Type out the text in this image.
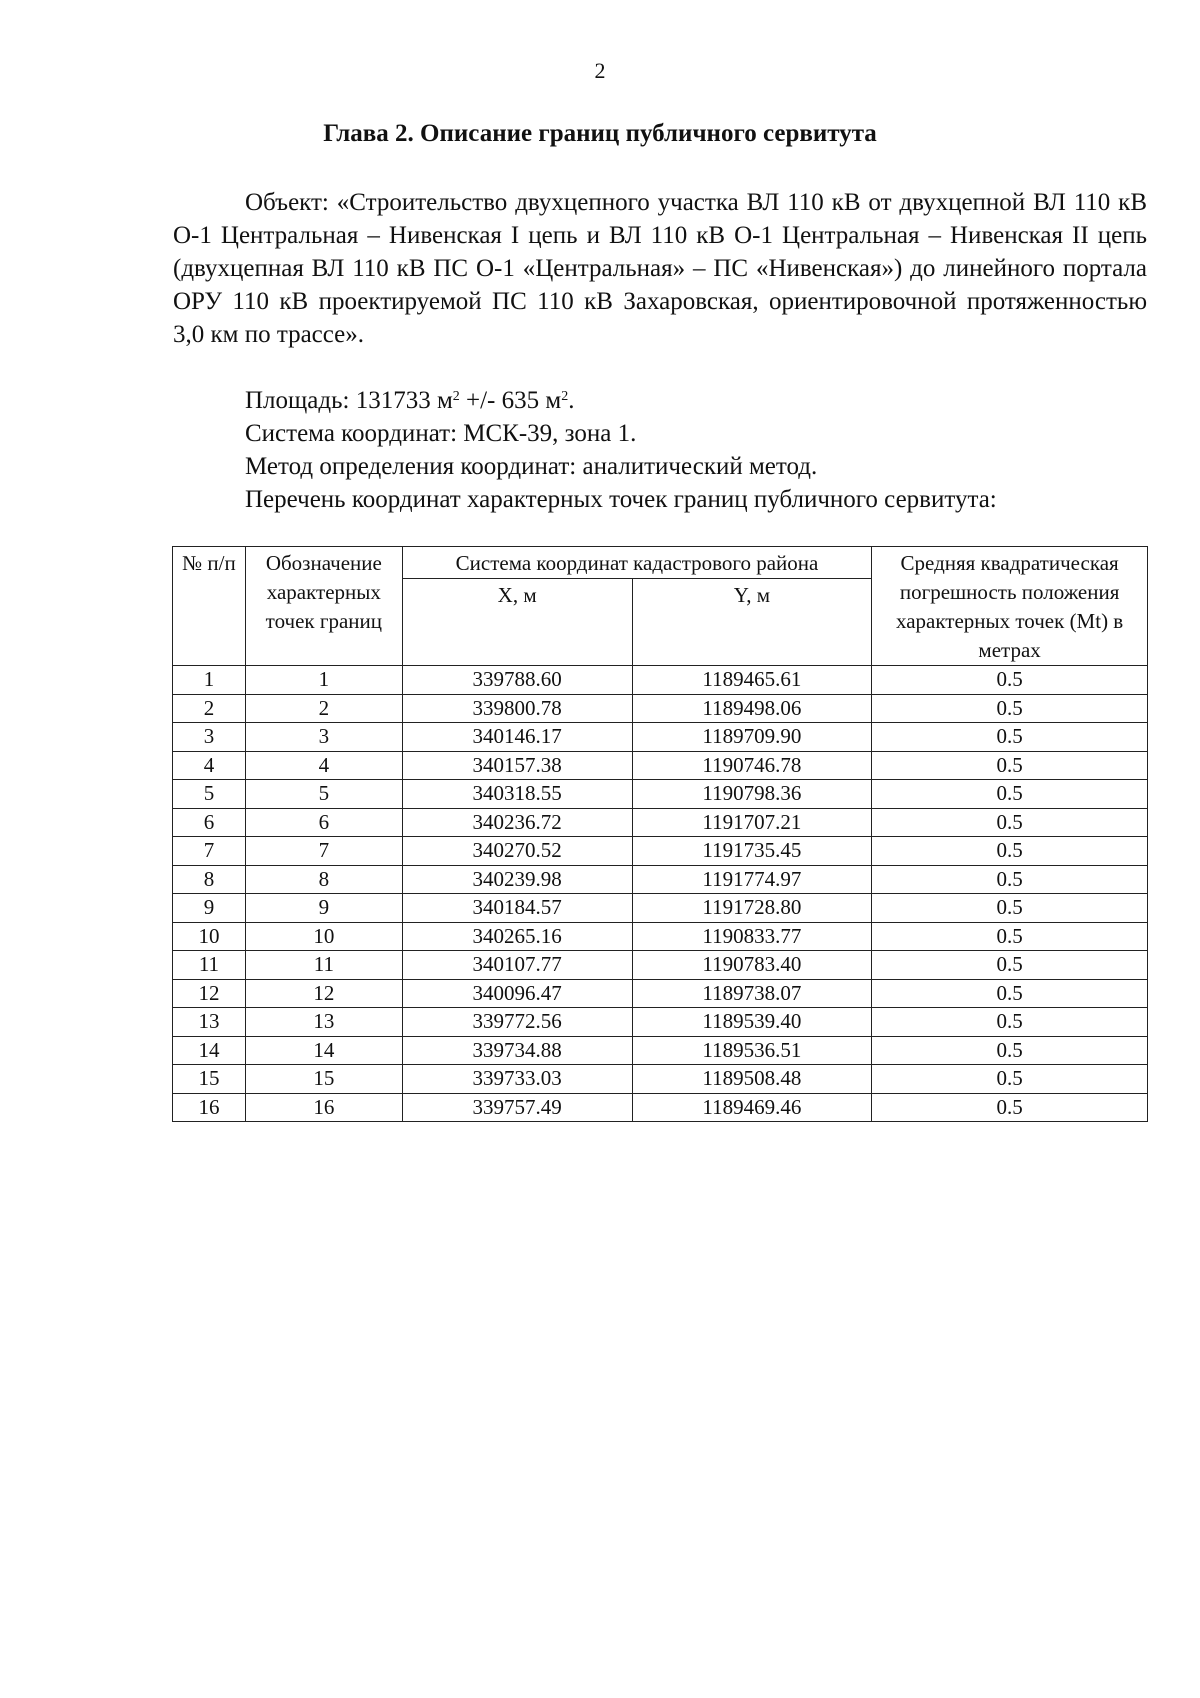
2
Глава 2. Описание границ публичного сервитута
Объект: «Строительство двухцепного участка ВЛ 110 кВ от двухцепной ВЛ 110 кВ О-1 Центральная – Нивенская I цепь и ВЛ 110 кВ О-1 Центральная – Нивенская II цепь (двухцепная ВЛ 110 кВ ПС О-1 «Центральная» – ПС «Нивенская») до линейного портала ОРУ 110 кВ проектируемой ПС 110 кВ Захаровская, ориентировочной протяженностью 3,0 км по трассе».
Площадь: 131733 $м^2$ +/- 635 $м^2$.
Система координат: МСК-39, зона 1.
Метод определения координат: аналитический метод.
Перечень координат характерных точек границ публичного сервитута:
№ п/п	Обозначение характерных точек границ	Система координат кадастрового района		Средняя квадратическая погрешность положения характерных точек (Mt) в метрах
		X, м	Y, м	
1	1	339788.60	1189465.61	0.5
2	2	339800.78	1189498.06	0.5
3	3	340146.17	1189709.90	0.5
4	4	340157.38	1190746.78	0.5
5	5	340318.55	1190798.36	0.5
6	6	340236.72	1191707.21	0.5
7	7	340270.52	1191735.45	0.5
8	8	340239.98	1191774.97	0.5
9	9	340184.57	1191728.80	0.5
10	10	340265.16	1190833.77	0.5
11	11	340107.77	1190783.40	0.5
12	12	340096.47	1189738.07	0.5
13	13	339772.56	1189539.40	0.5
14	14	339734.88	1189536.51	0.5
15	15	339733.03	1189508.48	0.5
16	16	339757.49	1189469.46	0.5
